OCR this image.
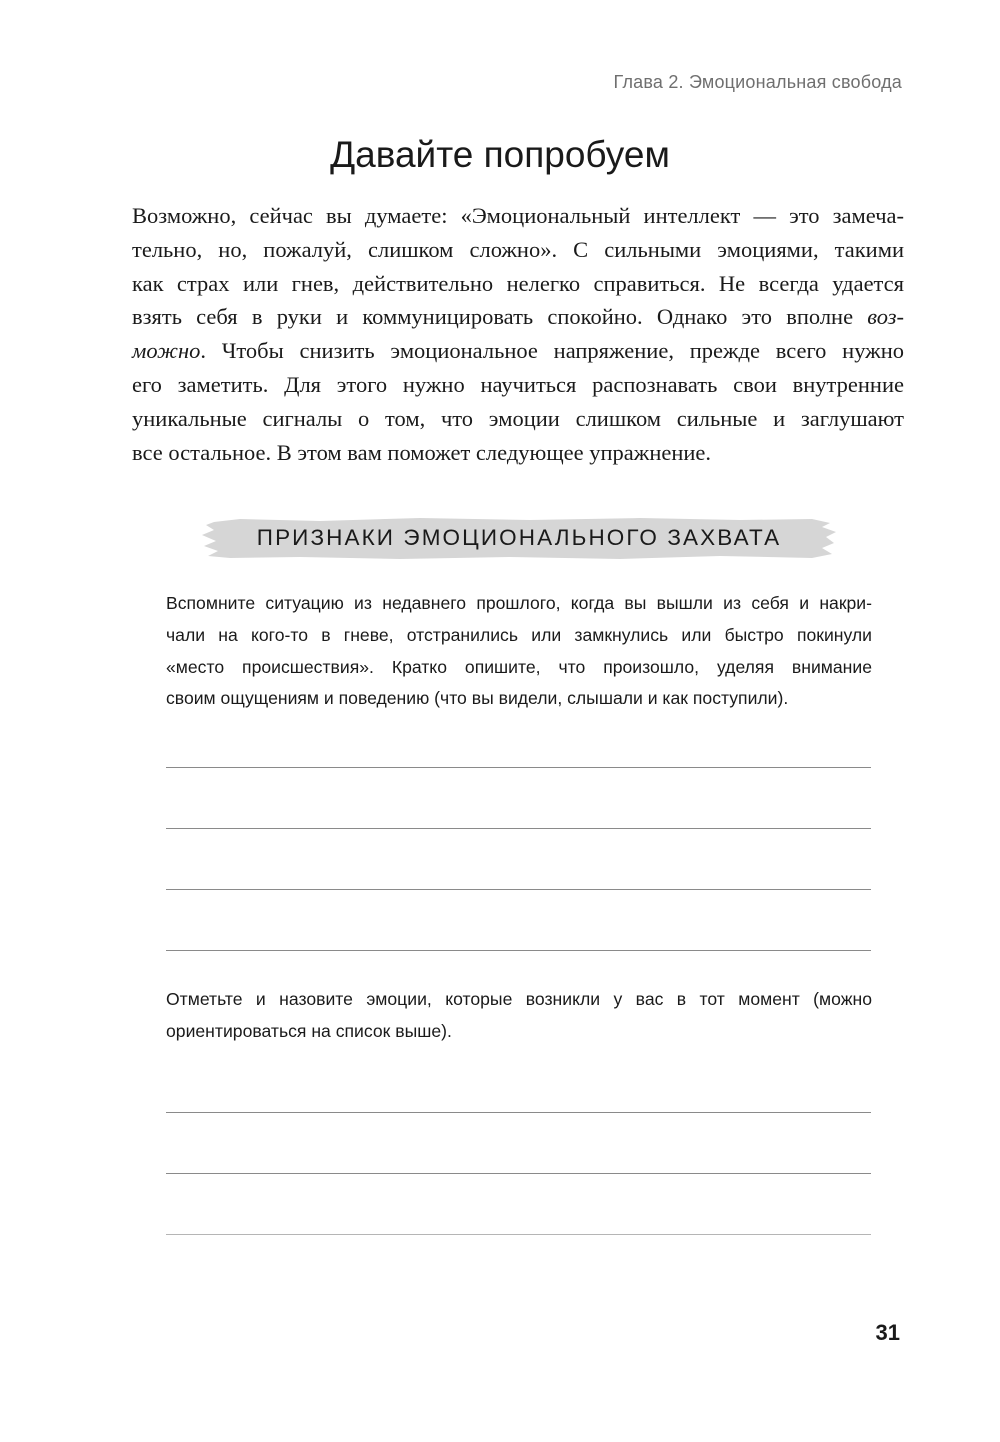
Глава 2. Эмоциональная свобода
Давайте попробуем
Возможно, сейчас вы думаете: «Эмоциональный интеллект — это замеча-
тельно, но, пожалуй, слишком сложно». С сильными эмоциями, такими
как страх или гнев, действительно нелегко справиться. Не всегда удается
взять себя в руки и коммуницировать спокойно. Однако это вполне воз-
можно. Чтобы снизить эмоциональное напряжение, прежде всего нужно
его заметить. Для этого нужно научиться распознавать свои внутренние
уникальные сигналы о том, что эмоции слишком сильные и заглушают
все остальное. В этом вам поможет следующее упражнение.
ПРИЗНАКИ ЭМОЦИОНАЛЬНОГО ЗАХВАТА
Вспомните ситуацию из недавнего прошлого, когда вы вышли из себя и накри-
чали на кого-то в гневе, отстранились или замкнулись или быстро покинули
«место происшествия». Кратко опишите, что произошло, уделяя внимание
своим ощущениям и поведению (что вы видели, слышали и как поступили).
Отметьте и назовите эмоции, которые возникли у вас в тот момент (можно
ориентироваться на список выше).
31
